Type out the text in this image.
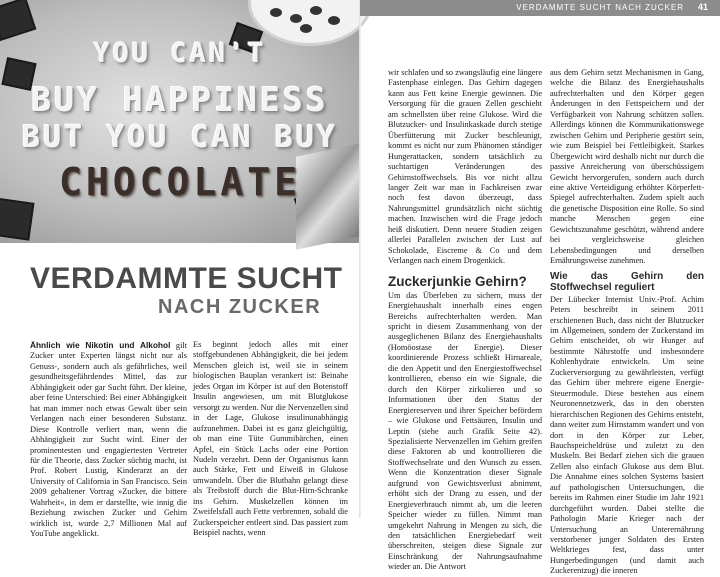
YOU CAN'T
BUY HAPPINESS
BUT YOU CAN BUY
CHOCOLATE
VERDAMMTE SUCHT
NACH ZUCKER

Ähnlich wie Nikotin und Alkohol gilt Zucker unter Experten längst nicht nur als Genuss-, sondern auch als gefährliches, weil gesundheitsgefährdendes Mittel, das zur Abhängigkeit oder gar Sucht führt. Der kleine, aber feine Unterschied: Bei einer Abhängigkeit hat man immer noch etwas Gewalt über sein Verlangen nach einer besonderen Substanz. Diese Kontrolle verliert man, wenn die Abhängigkeit zur Sucht wird. Einer der prominentesten und engagiertesten Vertreter für die Theorie, dass Zucker süchtig macht, ist Prof. Robert Lustig, Kinderarzt an der University of California in San Francisco. Sein 2009 gehaltener Vortrag »Zucker, die bittere Wahrheit«, in dem er darstellte, wie innig die Beziehung zwischen Zucker und Gehirn wirklich ist, wurde 2,7 Millionen Mal auf YouTube angeklickt.

Es beginnt jedoch alles mit einer stoffgebundenen Abhängigkeit, die bei jedem Menschen gleich ist, weil sie in seinem biologischen Bauplan verankert ist: Beinahe jedes Organ im Körper ist auf den Botenstoff Insulin angewiesen, um mit Blutglukose versorgt zu werden. Nur die Nervenzellen sind in der Lage, Glukose insulinunabhängig aufzunehmen. Dabei ist es ganz gleichgültig, ob man eine Tüte Gummibärchen, einen Apfel, ein Stück Lachs oder eine Portion Nudeln verzehrt. Denn der Organismus kann auch Stärke, Fett und Eiweiß in Glukose umwandeln. Über die Blutbahn gelangt diese als Treibstoff durch die Blut-Hirn-Schranke ins Gehirn. Muskelzellen können im Zweifelsfall auch Fette verbrennen, sobald die Zuckerspeicher entleert sind. Das passiert zum Beispiel nachts, wenn

VERDAMMTE SUCHT NACH ZUCKER 41

wir schlafen und so zwangsläufig eine längere Fastenphase einlegen. Das Gehirn dagegen kann aus Fett keine Energie gewinnen. Die Versorgung für die grauen Zellen geschieht am schnellsten über reine Glukose. Wird die Blutzucker- und Insulinkaskade durch stetige Überfütterung mit Zucker beschleunigt, kommt es nicht nur zum Phänomen ständiger Hungerattacken, sondern tatsächlich zu suchtartigen Veränderungen des Gehirnstoffwechsels. Bis vor nicht allzu langer Zeit war man in Fachkreisen zwar noch fest davon überzeugt, dass Nahrungsmittel grundsätzlich nicht süchtig machen. Inzwischen wird die Frage jedoch heiß diskutiert. Denn neuere Studien zeigen allerlei Parallelen zwischen der Lust auf Schokolade, Eiscreme & Co und dem Verlangen nach einem Drogenkick.

Zuckerjunkie Gehirn?

Um das Überleben zu sichern, muss der Energiehaushalt innerhalb eines engen Bereichs aufrechterhalten werden. Man spricht in diesem Zusammenhang von der ausgeglichenen Bilanz des Energiehaushalts (Homöostase der Energie). Dieser koordinierende Prozess schließt Hirnareale, die den Appetit und den Energiestoffwechsel kontrollieren, ebenso ein wie Signale, die durch den Körper zirkulieren und so Informationen über den Status der Energiereserven und ihrer Speicher befördern – wie Glukose und Fettsäuren, Insulin und Leptin (siehe auch Grafik Seite 42). Spezialisierte Nervenzellen im Gehirn greifen diese Faktoren ab und kontrollieren die Stoffwechselrate und den Wunsch zu essen. Wenn die Konzentration dieser Signale aufgrund von Gewichtsverlust abnimmt, erhöht sich der Drang zu essen, und der Energieverbrauch nimmt ab, um die leeren Speicher wieder zu füllen. Nimmt man umgekehrt Nahrung in Mengen zu sich, die den tatsächlichen Energiebedarf weit überschreiten, steigen diese Signale zur Einschränkung der Nahrungsaufnahme wieder an. Die Antwort

aus dem Gehirn setzt Mechanismen in Gang, welche die Bilanz des Energiehaushalts aufrechterhalten und den Körper gegen Änderungen in den Fettspeichern und der Verfügbarkeit von Nahrung schützen sollen. Allerdings können die Kommunikationswege zwischen Gehirn und Peripherie gestört sein, wie zum Beispiel bei Fettleibigkeit. Starkes Übergewicht wird deshalb nicht nur durch die passive Anreicherung von überschüssigem Gewicht hervorgerufen, sondern auch durch eine aktive Verteidigung erhöhter Körperfett-Spiegel aufrechterhalten. Zudem spielt auch die genetische Disposition eine Rolle. So sind manche Menschen gegen eine Gewichtszunahme geschützt, während andere bei vergleichsweise gleichen Lebensbedingungen und derselben Ernährungsweise zunehmen.

Wie das Gehirn den Stoffwechsel reguliert

Der Lübecker Internist Univ.-Prof. Achim Peters beschreibt in seinem 2011 erschienenen Buch, dass nicht der Blutzucker im Allgemeinen, sondern der Zuckerstand im Gehirn entscheidet, ob wir Hunger auf bestimmte Nährstoffe und insbesondere Kohlenhydrate entwickeln. Um seine Zuckerversorgung zu gewährleisten, verfügt das Gehirn über mehrere eigene Energie-Steuermodule. Diese bestehen aus einem Neuronennetzwerk, das in den obersten hierarchischen Regionen des Gehirns entsteht, dann weiter zum Hirnstamm wandert und von dort in den Körper zur Leber, Bauchspeicheldrüse und zuletzt zu den Muskeln. Bei Bedarf ziehen sich die grauen Zellen also einfach Glukose aus dem Blut. Die Annahme eines solchen Systems basiert auf pathologischen Untersuchungen, die bereits im Rahmen einer Studie im Jahr 1921 durchgeführt wurden. Dabei stellte die Pathologin Marie Krieger nach der Untersuchung an Unterernährung verstorbener junger Soldaten des Ersten Weltkrieges fest, dass unter Hungerbedingungen (und damit auch Zuckerentzug) die inneren
